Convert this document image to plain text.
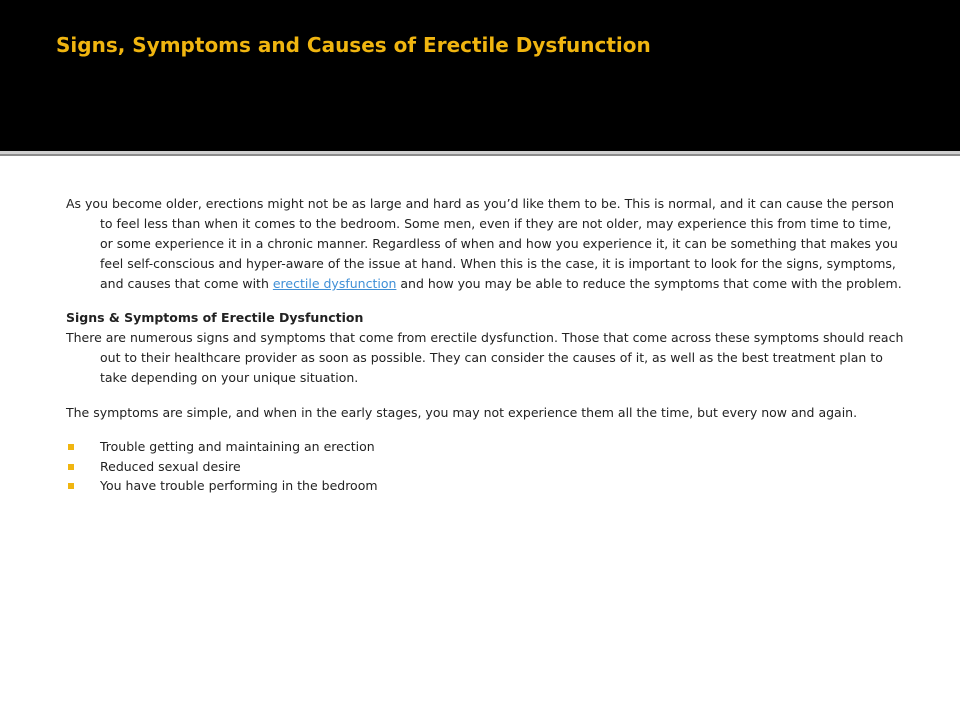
Signs, Symptoms and Causes of Erectile Dysfunction

As you become older, erections might not be as large and hard as you’d like them to be. This is normal, and it can cause the person to feel less than when it comes to the bedroom. Some men, even if they are not older, may experience this from time to time, or some experience it in a chronic manner. Regardless of when and how you experience it, it can be something that makes you feel self-conscious and hyper-aware of the issue at hand. When this is the case, it is important to look for the signs, symptoms, and causes that come with erectile dysfunction and how you may be able to reduce the symptoms that come with the problem.

Signs & Symptoms of Erectile Dysfunction

There are numerous signs and symptoms that come from erectile dysfunction. Those that come across these symptoms should reach out to their healthcare provider as soon as possible. They can consider the causes of it, as well as the best treatment plan to take depending on your unique situation.

The symptoms are simple, and when in the early stages, you may not experience them all the time, but every now and again.

Trouble getting and maintaining an erection
Reduced sexual desire
You have trouble performing in the bedroom
